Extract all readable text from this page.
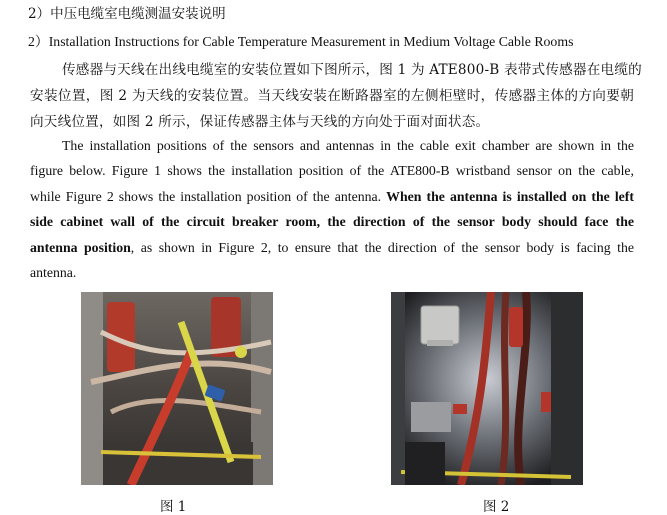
2）中压电缆室电缆测温安装说明
2）Installation Instructions for Cable Temperature Measurement in Medium Voltage Cable Rooms
传感器与天线在出线电缆室的安装位置如下图所示，图 1 为 ATE800-B 表带式传感器在电缆的
安装位置，图 2 为天线的安装位置。当天线安装在断路器室的左侧柜壁时，传感器主体的方向要朝
向天线位置，如图 2 所示，保证传感器主体与天线的方向处于面对面状态。
The installation positions of the sensors and antennas in the cable exit chamber are shown in the
figure below. Figure 1 shows the installation position of the ATE800-B wristband sensor on the cable,
while Figure 2 shows the installation position of the antenna. When the antenna is installed on the left
side cabinet wall of the circuit breaker room, the direction of the sensor body should face the
antenna position, as shown in Figure 2, to ensure that the direction of the sensor body is facing the
antenna.
图 1	图 2
